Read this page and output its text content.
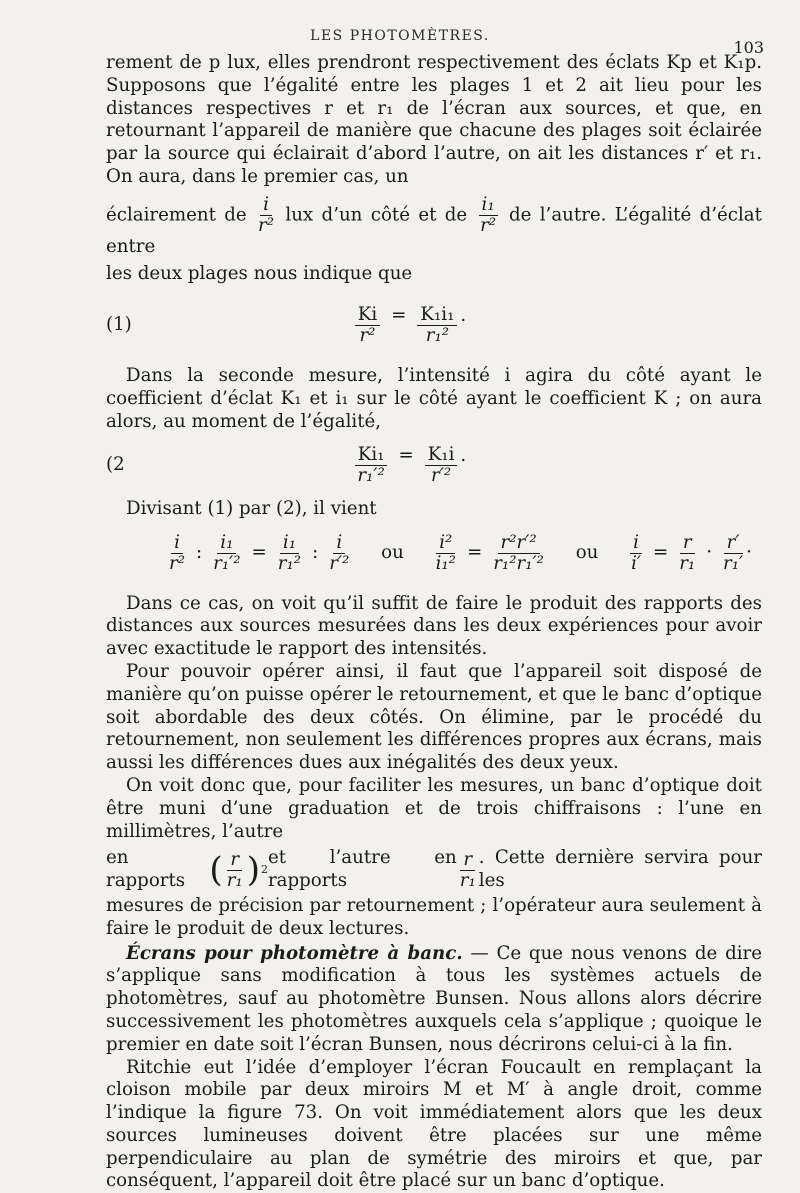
LES PHOTOMÈTRES.
103

rement de p lux, elles prendront respectivement des éclats Kp et K₁p. Supposons que l’égalité entre les plages 1 et 2 ait lieu pour les distances respectives r et r₁ de l’écran aux sources, et que, en retournant l’appareil de manière que chacune des plages soit éclairée par la source qui éclairait d’abord l’autre, on ait les distances r′ et r₁. On aura, dans le premier cas, un

éclairement de $\frac{i}{\text{r²}}$ lux d’un côté et de $\frac{\text{i₁}}{\text{r²}}$ de l’autre. L’égalité d’éclat entre

les deux plages nous indique que

(1)	$\frac{Ki}{\text{r²}} = \frac{\text{K₁i₁}}{\text{r₁²}}$ .

Dans la seconde mesure, l’intensité i agira du côté ayant le coefficient d’éclat K₁ et i₁ sur le côté ayant le coefficient K ; on aura alors, au moment de l’égalité,

(2	$\frac{\text{Ki₁}}{\text{r₁′²}} = \frac{\text{K₁i}}{\text{r′²}}$ .

Divisant (1) par (2), il vient

$\frac{i}{\text{r²}}$ : $\frac{\text{i₁}}{\text{r₁′²}} = \frac{\text{i₁}}{\text{r₁²}}$ : $\frac{i}{\text{r′²}}$ ou $\frac{\text{i²}}{\text{i₁²}} = \frac{\text{r²r′²}}{\text{r₁²r₁′²}}$ ou $\frac{i}{i'} = \frac{r}{\text{r₁}} \cdot \frac{r'}{\text{r₁′}}$ ·

Dans ce cas, on voit qu’il suffit de faire le produit des rapports des distances aux sources mesurées dans les deux expériences pour avoir avec exactitude le rapport des intensités.

Pour pouvoir opérer ainsi, il faut que l’appareil soit disposé de manière qu’on puisse opérer le retournement, et que le banc d’optique soit abordable des deux côtés. On élimine, par le procédé du retournement, non seulement les différences propres aux écrans, mais aussi les différences dues aux inégalités des deux yeux.

On voit donc que, pour faciliter les mesures, un banc d’optique doit être muni d’une graduation et de trois chiffraisons : l’une en millimètres, l’autre

en rapports ( $\frac{r}{\text{r₁}}$ ) 2
et l’autre en rapports	$\frac{r}{\text{r₁}}$ . Cette dernière servira pour les

mesures de précision par retournement ; l’opérateur aura seulement à faire le produit de deux lectures.

Écrans pour photomètre à banc. — Ce que nous venons de dire s’applique sans modification à tous les systèmes actuels de photomètres, sauf au photomètre Bunsen. Nous allons alors décrire successivement les photomètres auxquels cela s’applique ; quoique le premier en date soit l’écran Bunsen, nous décrirons celui-ci à la fin.

Ritchie eut l’idée d’employer l’écran Foucault en remplaçant la cloison mobile par deux miroirs M et M′ à angle droit, comme l’indique la figure 73. On voit immédiatement alors que les deux sources lumineuses doivent être placées sur une même perpendiculaire au plan de symétrie des miroirs et que, par conséquent, l’appareil doit être placé sur un banc d’optique.
